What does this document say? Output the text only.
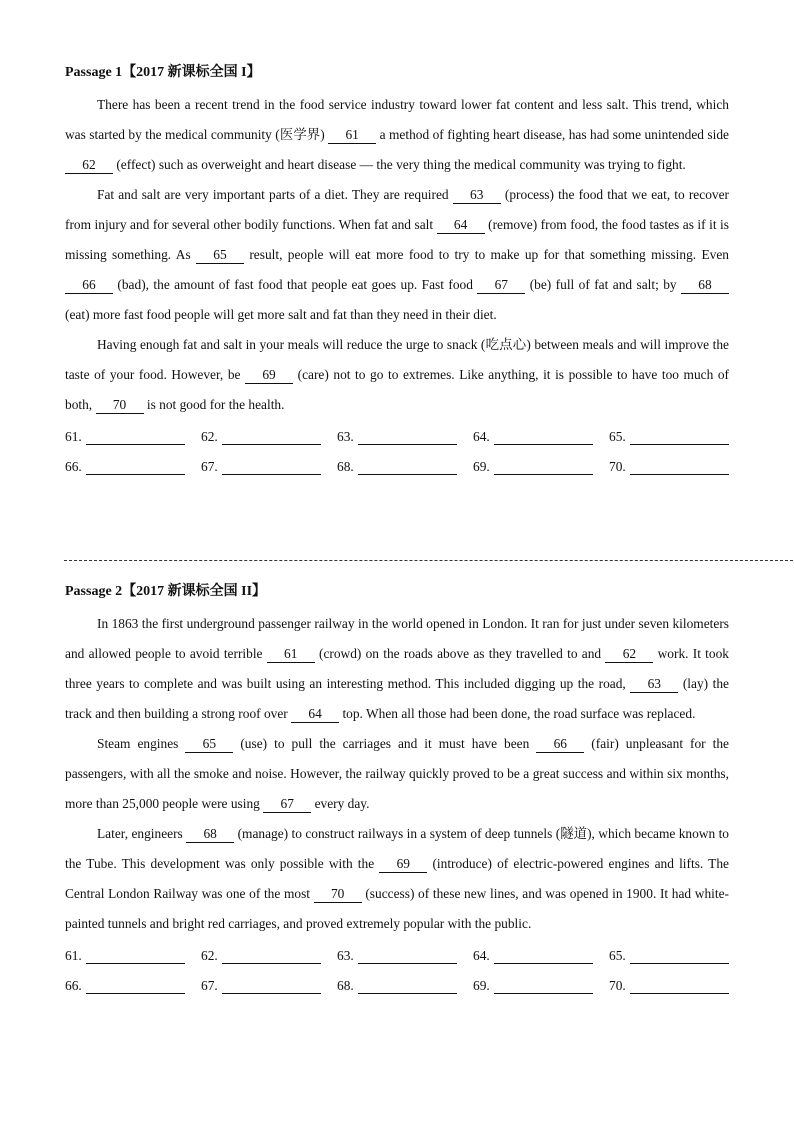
Passage 1【2017 新课标全国 I】

There has been a recent trend in the food service industry toward lower fat content and less salt. This trend, which was started by the medical community (医学界) 61 a method of fighting heart disease, has had some unintended side 62 (effect) such as overweight and heart disease — the very thing the medical community was trying to fight.

Fat and salt are very important parts of a diet. They are required 63 (process) the food that we eat, to recover from injury and for several other bodily functions. When fat and salt 64 (remove) from food, the food tastes as if it is missing something. As 65 result, people will eat more food to try to make up for that something missing. Even 66 (bad), the amount of fast food that people eat goes up. Fast food 67 (be) full of fat and salt; by 68 (eat) more fast food people will get more salt and fat than they need in their diet.

Having enough fat and salt in your meals will reduce the urge to snack (吃点心) between meals and will improve the taste of your food. However, be 69 (care) not to go to extremes. Like anything, it is possible to have too much of both, 70 is not good for the health.

61.	62.	63.	64.	65.
66.	67.	68.	69.	70.
Passage 2【2017 新课标全国 II】

In 1863 the first underground passenger railway in the world opened in London. It ran for just under seven kilometers and allowed people to avoid terrible 61 (crowd) on the roads above as they travelled to and 62 work. It took three years to complete and was built using an interesting method. This included digging up the road, 63 (lay) the track and then building a strong roof over 64 top. When all those had been done, the road surface was replaced.

Steam engines 65 (use) to pull the carriages and it must have been 66 (fair) unpleasant for the passengers, with all the smoke and noise. However, the railway quickly proved to be a great success and within six months, more than 25,000 people were using 67 every day.

Later, engineers 68 (manage) to construct railways in a system of deep tunnels (隧道), which became known to the Tube. This development was only possible with the 69 (introduce) of electric-powered engines and lifts. The Central London Railway was one of the most 70 (success) of these new lines, and was opened in 1900. It had white-painted tunnels and bright red carriages, and proved extremely popular with the public.

61.	62.	63.	64.	65.
66.	67.	68.	69.	70.
